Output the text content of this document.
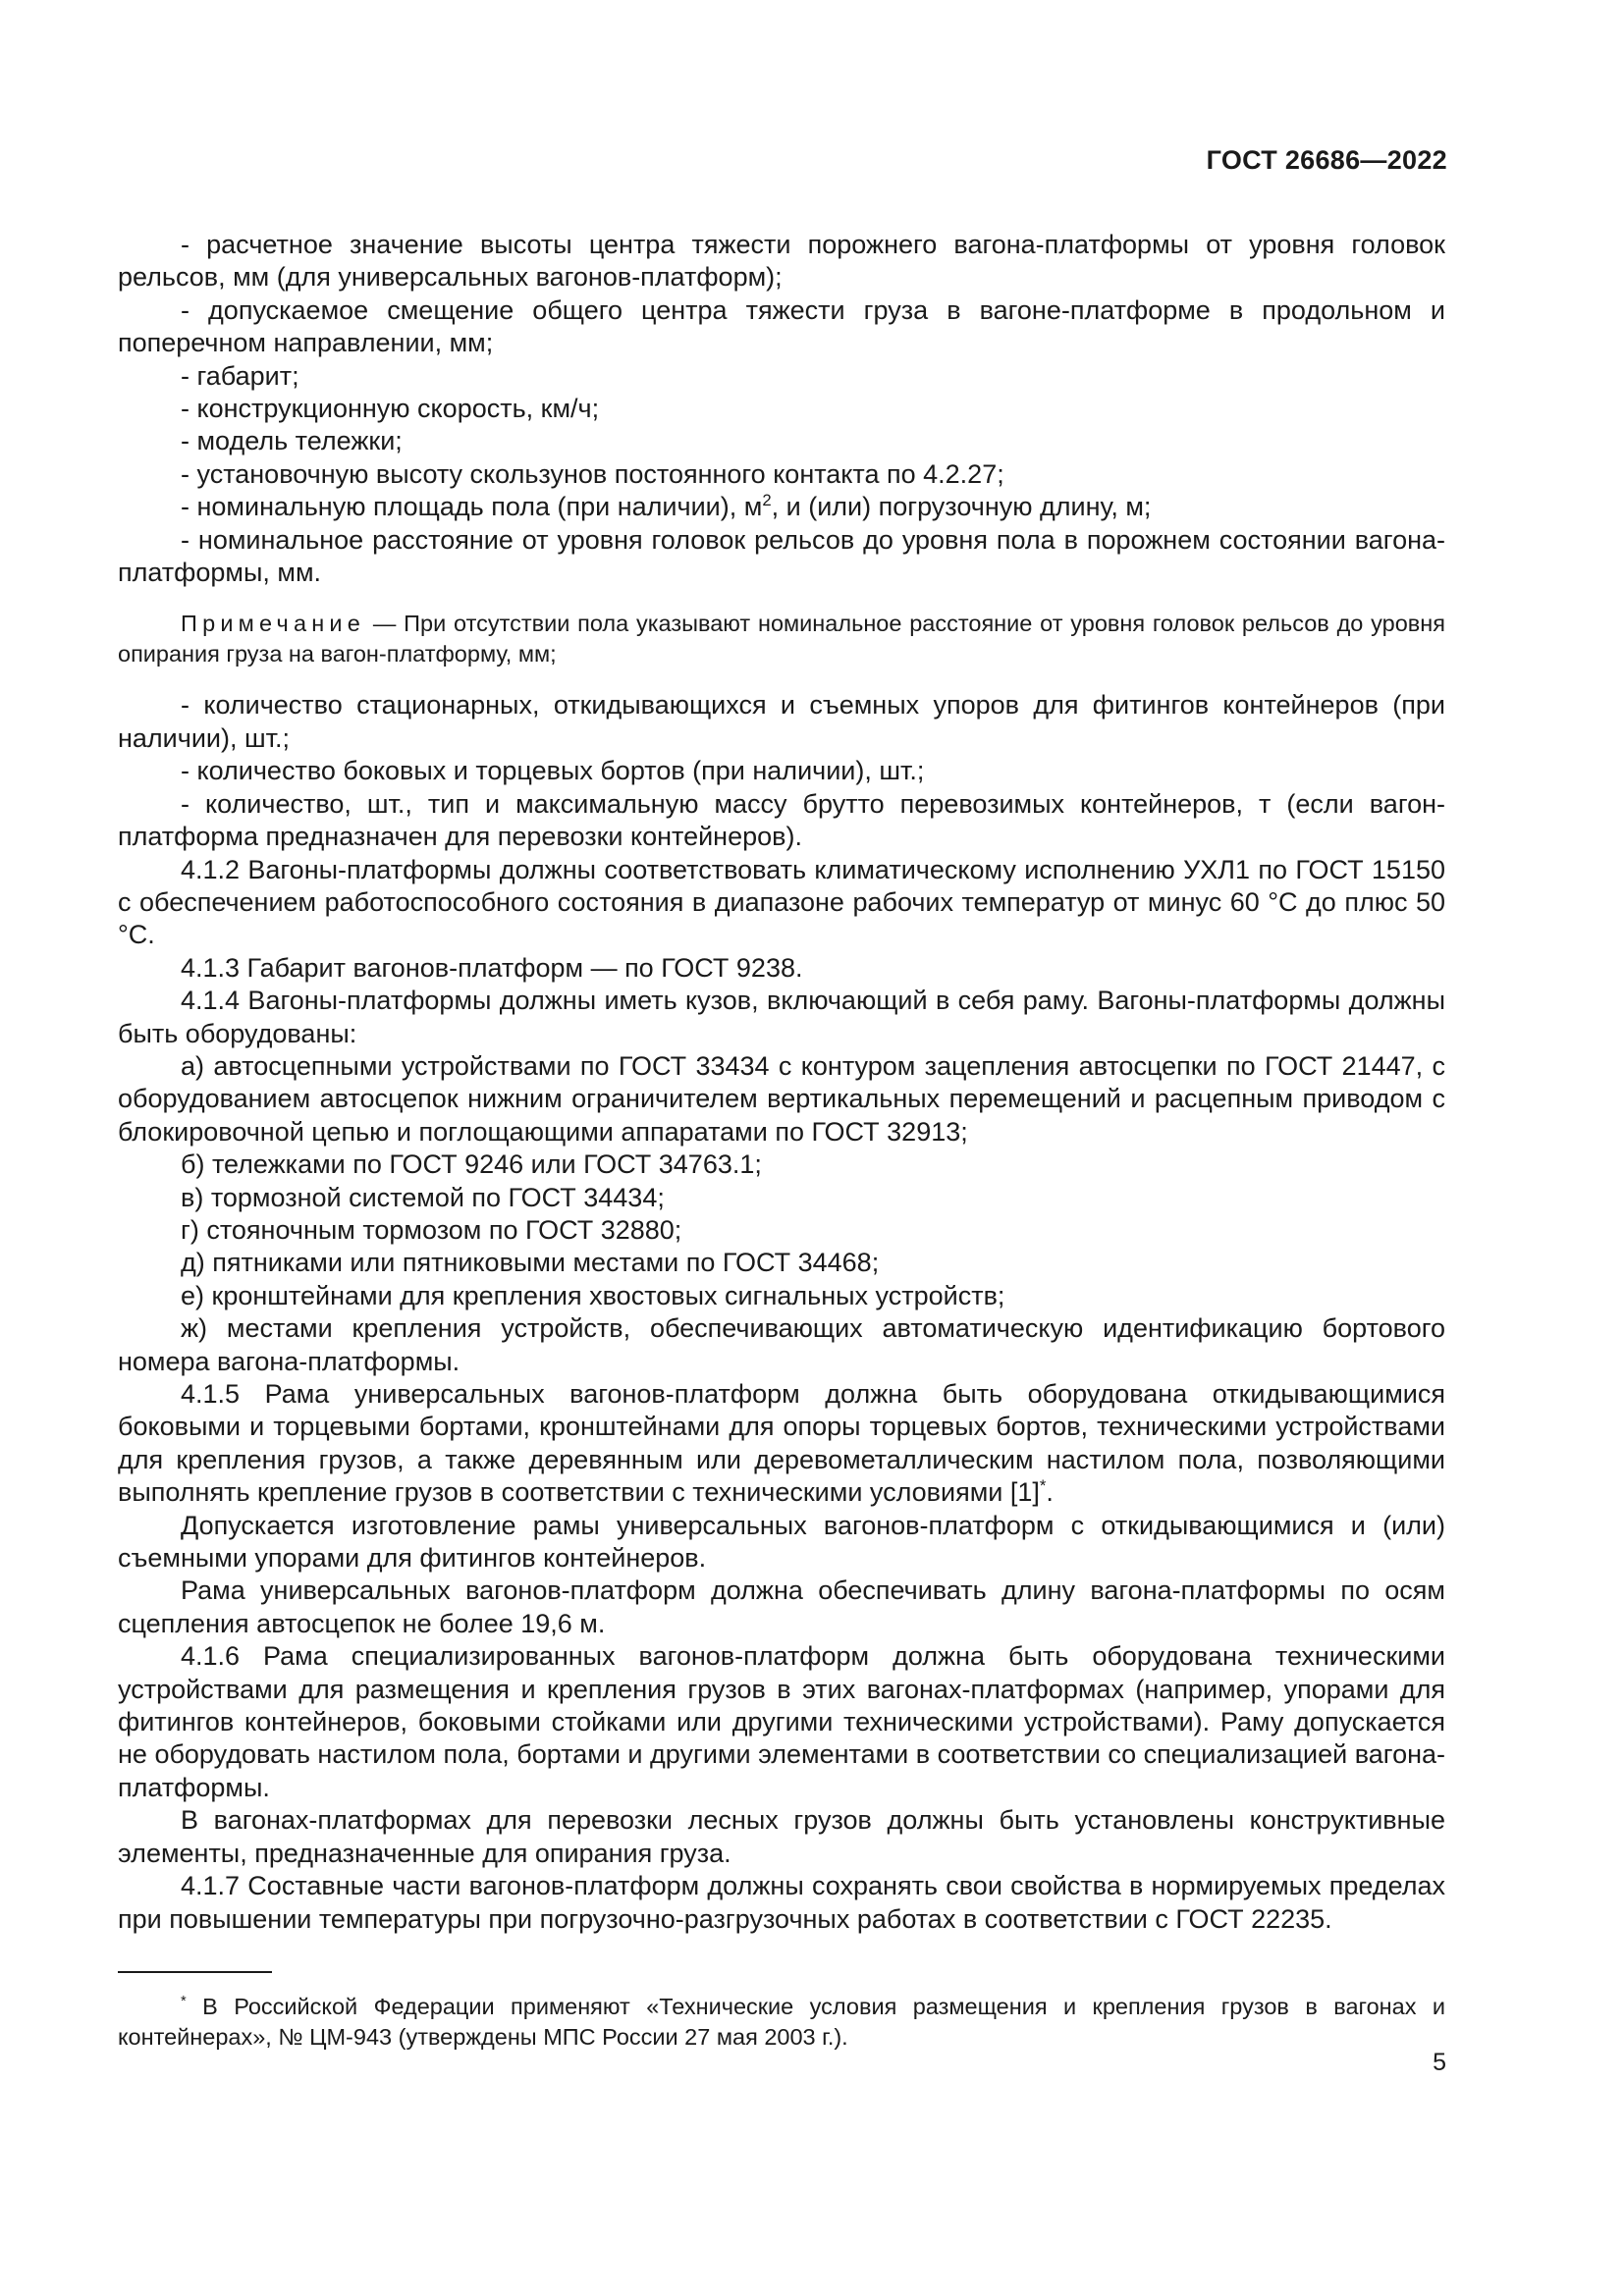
ГОСТ 26686—2022

- расчетное значение высоты центра тяжести порожнего вагона-платформы от уровня головок рельсов, мм (для универсальных вагонов-платформ);

- допускаемое смещение общего центра тяжести груза в вагоне-платформе в продольном и поперечном направлении, мм;

- габарит;

- конструкционную скорость, км/ч;

- модель тележки;

- установочную высоту скользунов постоянного контакта по 4.2.27;

- номинальную площадь пола (при наличии), $м^2$, и (или) погрузочную длину, м;

- номинальное расстояние от уровня головок рельсов до уровня пола в порожнем состоянии вагона-платформы, мм.

Примечание — При отсутствии пола указывают номинальное расстояние от уровня головок рельсов до уровня опирания груза на вагон-платформу, мм;

- количество стационарных, откидывающихся и съемных упоров для фитингов контейнеров (при наличии), шт.;

- количество боковых и торцевых бортов (при наличии), шт.;

- количество, шт., тип и максимальную массу брутто перевозимых контейнеров, т (если вагон-платформа предназначен для перевозки контейнеров).

4.1.2 Вагоны-платформы должны соответствовать климатическому исполнению УХЛ1 по ГОСТ 15150 с обеспечением работоспособного состояния в диапазоне рабочих температур от минус 60 °С до плюс 50 °С.

4.1.3 Габарит вагонов-платформ — по ГОСТ 9238.

4.1.4 Вагоны-платформы должны иметь кузов, включающий в себя раму. Вагоны-платформы должны быть оборудованы:

а) автосцепными устройствами по ГОСТ 33434 с контуром зацепления автосцепки по ГОСТ 21447, с оборудованием автосцепок нижним ограничителем вертикальных перемещений и расцепным приводом с блокировочной цепью и поглощающими аппаратами по ГОСТ 32913;

б) тележками по ГОСТ 9246 или ГОСТ 34763.1;

в) тормозной системой по ГОСТ 34434;

г) стояночным тормозом по ГОСТ 32880;

д) пятниками или пятниковыми местами по ГОСТ 34468;

е) кронштейнами для крепления хвостовых сигнальных устройств;

ж) местами крепления устройств, обеспечивающих автоматическую идентификацию бортового номера вагона-платформы.

4.1.5 Рама универсальных вагонов-платформ должна быть оборудована откидывающимися боковыми и торцевыми бортами, кронштейнами для опоры торцевых бортов, техническими устройствами для крепления грузов, а также деревянным или деревометаллическим настилом пола, позволяющими выполнять крепление грузов в соответствии с техническими условиями [1]*.

Допускается изготовление рамы универсальных вагонов-платформ с откидывающимися и (или) съемными упорами для фитингов контейнеров.

Рама универсальных вагонов-платформ должна обеспечивать длину вагона-платформы по осям сцепления автосцепок не более 19,6 м.

4.1.6 Рама специализированных вагонов-платформ должна быть оборудована техническими устройствами для размещения и крепления грузов в этих вагонах-платформах (например, упорами для фитингов контейнеров, боковыми стойками или другими техническими устройствами). Раму допускается не оборудовать настилом пола, бортами и другими элементами в соответствии со специализацией вагона-платформы.

В вагонах-платформах для перевозки лесных грузов должны быть установлены конструктивные элементы, предназначенные для опирания груза.

4.1.7 Составные части вагонов-платформ должны сохранять свои свойства в нормируемых пределах при повышении температуры при погрузочно-разгрузочных работах в соответствии с ГОСТ 22235.

* В Российской Федерации применяют «Технические условия размещения и крепления грузов в вагонах и контейнерах», № ЦМ-943 (утверждены МПС России 27 мая 2003 г.).
5
